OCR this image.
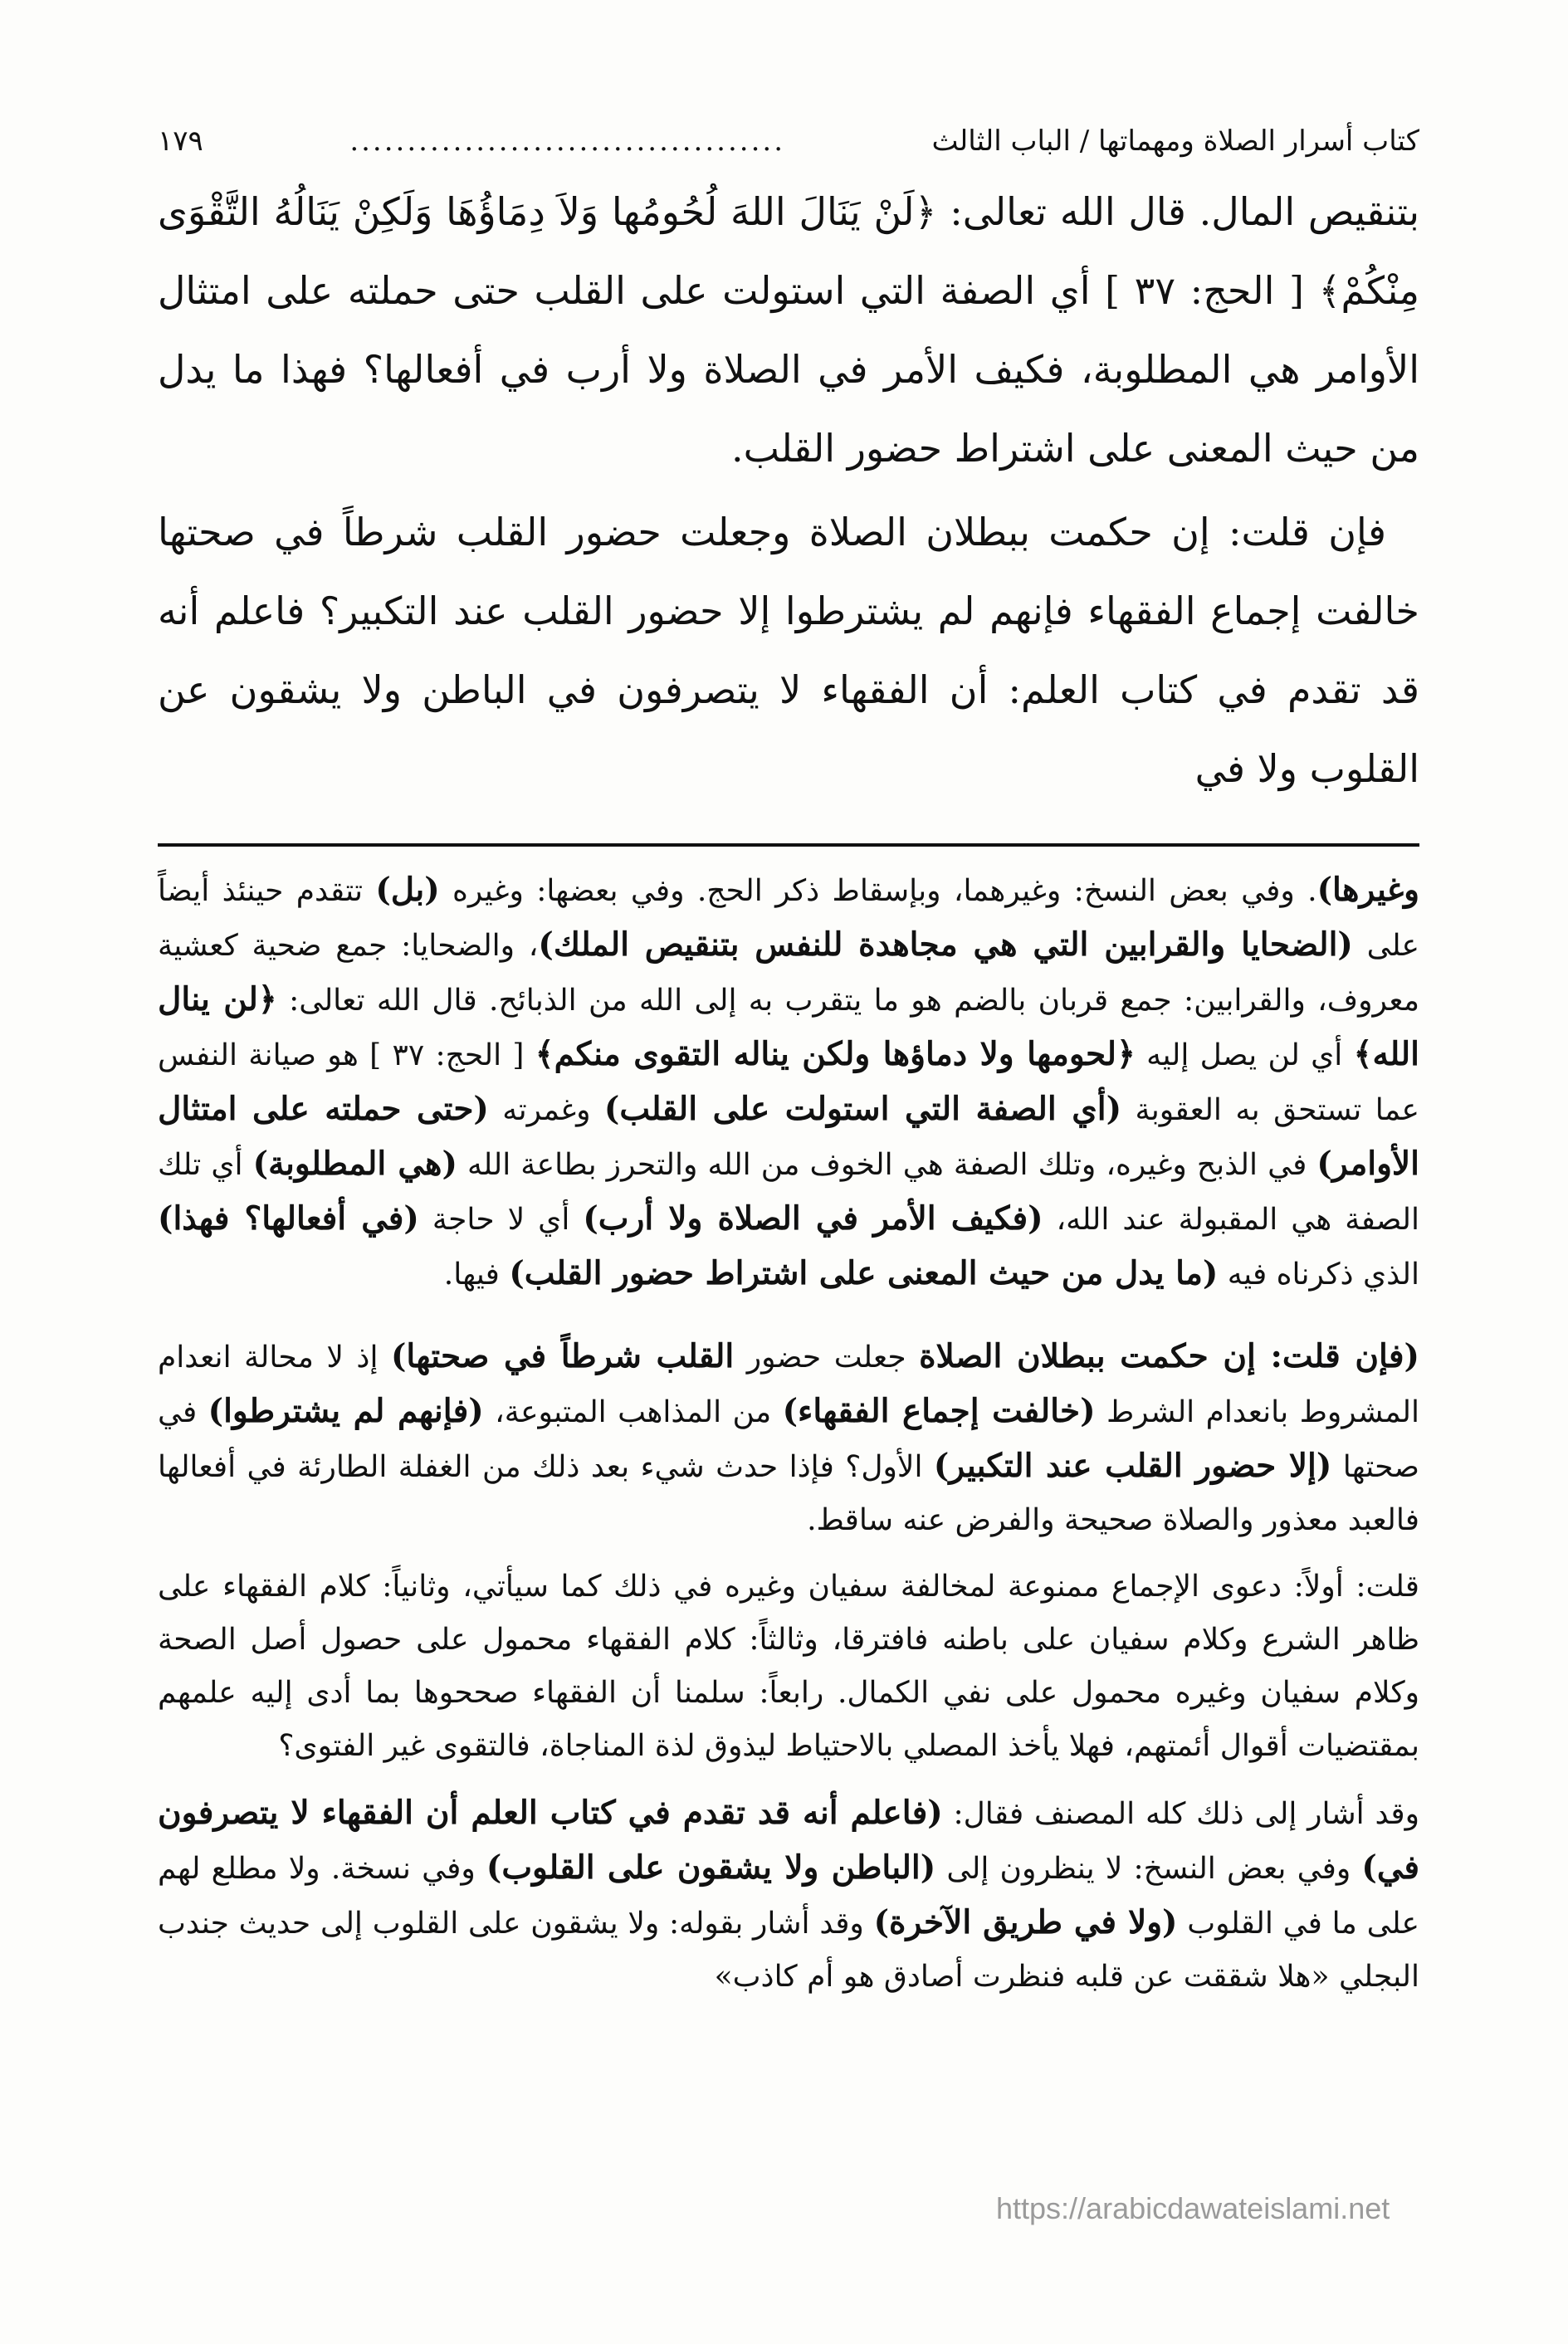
كتاب أسرار الصلاة ومهماتها / الباب الثالث
......................................
١٧٩

بتنقيص المال. قال الله تعالى: ﴿لَنْ يَنَالَ اللهَ لُحُومُها وَلاَ دِمَاؤُهَا وَلَكِنْ يَنَالُهُ التَّقْوَى مِنْكُمْ﴾ [ الحج: ٣٧ ] أي الصفة التي استولت على القلب حتى حملته على امتثال الأوامر هي المطلوبة، فكيف الأمر في الصلاة ولا أرب في أفعالها؟ فهذا ما يدل من حيث المعنى على اشتراط حضور القلب.

فإن قلت: إن حكمت ببطلان الصلاة وجعلت حضور القلب شرطاً في صحتها خالفت إجماع الفقهاء فإنهم لم يشترطوا إلا حضور القلب عند التكبير؟ فاعلم أنه قد تقدم في كتاب العلم: أن الفقهاء لا يتصرفون في الباطن ولا يشقون عن القلوب ولا في

وغيرها). وفي بعض النسخ: وغيرهما، وبإسقاط ذكر الحج. وفي بعضها: وغيره (بل) تتقدم حينئذ أيضاً على (الضحايا والقرابين التي هي مجاهدة للنفس بتنقيص الملك)، والضحايا: جمع ضحية كعشية معروف، والقرابين: جمع قربان بالضم هو ما يتقرب به إلى الله من الذبائح. قال الله تعالى: ﴿لن ينال الله﴾ أي لن يصل إليه ﴿لحومها ولا دماؤها ولكن يناله التقوى منكم﴾ [ الحج: ٣٧ ] هو صيانة النفس عما تستحق به العقوبة (أي الصفة التي استولت على القلب) وغمرته (حتى حملته على امتثال الأوامر) في الذبح وغيره، وتلك الصفة هي الخوف من الله والتحرز بطاعة الله (هي المطلوبة) أي تلك الصفة هي المقبولة عند الله، (فكيف الأمر في الصلاة ولا أرب) أي لا حاجة (في أفعالها؟ فهذا) الذي ذكرناه فيه (ما يدل من حيث المعنى على اشتراط حضور القلب) فيها.

(فإن قلت: إن حكمت ببطلان الصلاة جعلت حضور القلب شرطاً في صحتها) إذ لا محالة انعدام المشروط بانعدام الشرط (خالفت إجماع الفقهاء) من المذاهب المتبوعة، (فإنهم لم يشترطوا) في صحتها (إلا حضور القلب عند التكبير) الأول؟ فإذا حدث شيء بعد ذلك من الغفلة الطارئة في أفعالها فالعبد معذور والصلاة صحيحة والفرض عنه ساقط.

قلت: أولاً: دعوى الإجماع ممنوعة لمخالفة سفيان وغيره في ذلك كما سيأتي، وثانياً: كلام الفقهاء على ظاهر الشرع وكلام سفيان على باطنه فافترقا، وثالثاً: كلام الفقهاء محمول على حصول أصل الصحة وكلام سفيان وغيره محمول على نفي الكمال. رابعاً: سلمنا أن الفقهاء صححوها بما أدى إليه علمهم بمقتضيات أقوال أئمتهم، فهلا يأخذ المصلي بالاحتياط ليذوق لذة المناجاة، فالتقوى غير الفتوى؟

وقد أشار إلى ذلك كله المصنف فقال: (فاعلم أنه قد تقدم في كتاب العلم أن الفقهاء لا يتصرفون في) وفي بعض النسخ: لا ينظرون إلى (الباطن ولا يشقون على القلوب) وفي نسخة. ولا مطلع لهم على ما في القلوب (ولا في طريق الآخرة) وقد أشار بقوله: ولا يشقون على القلوب إلى حديث جندب البجلي «هلا شققت عن قلبه فنظرت أصادق هو أم كاذب»

https://arabicdawateislami.net
